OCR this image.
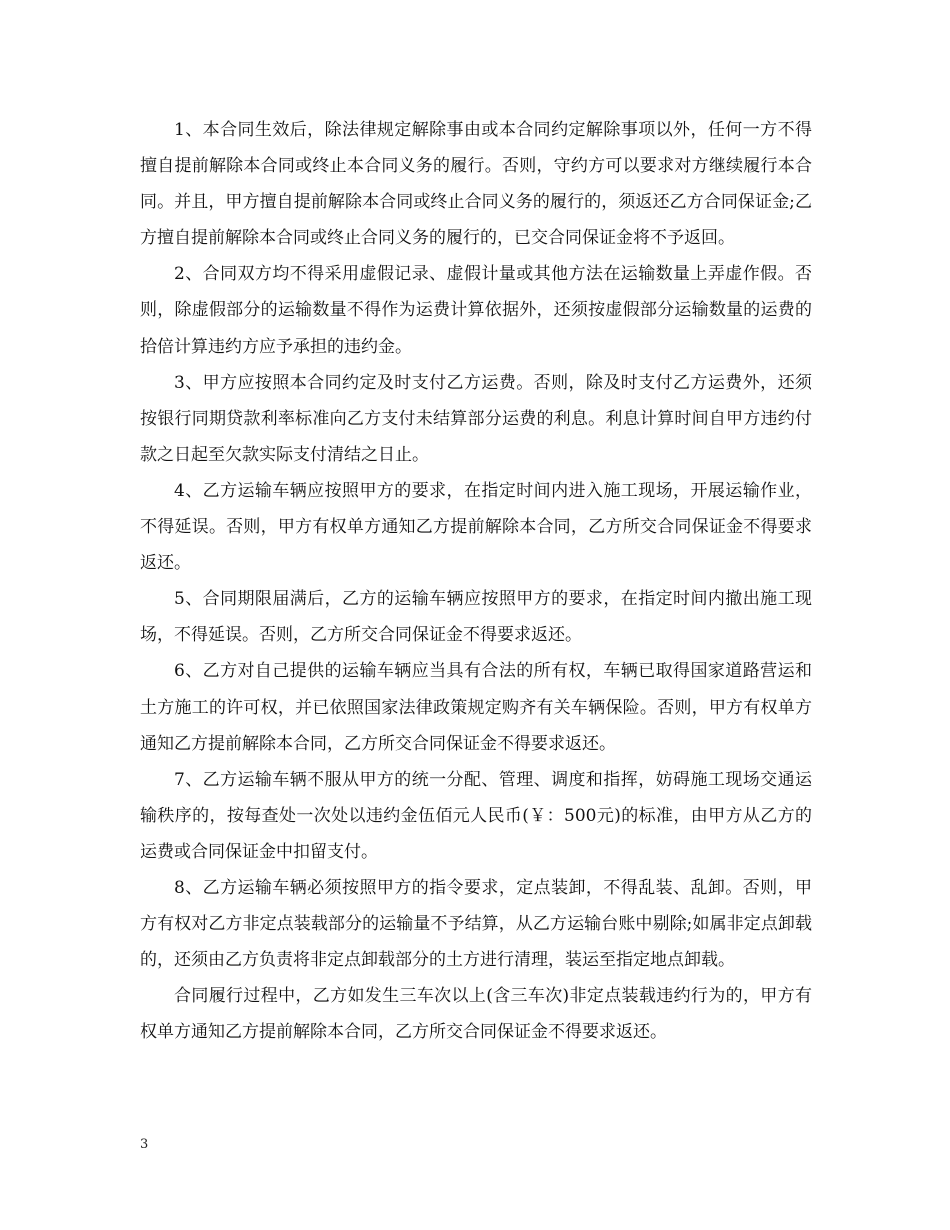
1、本合同生效后，除法律规定解除事由或本合同约定解除事项以外，任何一方不得擅自提前解除本合同或终止本合同义务的履行。否则，守约方可以要求对方继续履行本合同。并且，甲方擅自提前解除本合同或终止合同义务的履行的，须返还乙方合同保证金;乙方擅自提前解除本合同或终止合同义务的履行的，已交合同保证金将不予返回。

2、合同双方均不得采用虚假记录、虚假计量或其他方法在运输数量上弄虚作假。否则，除虚假部分的运输数量不得作为运费计算依据外，还须按虚假部分运输数量的运费的拾倍计算违约方应予承担的违约金。

3、甲方应按照本合同约定及时支付乙方运费。否则，除及时支付乙方运费外，还须按银行同期贷款利率标准向乙方支付未结算部分运费的利息。利息计算时间自甲方违约付款之日起至欠款实际支付清结之日止。

4、乙方运输车辆应按照甲方的要求，在指定时间内进入施工现场，开展运输作业，不得延误。否则，甲方有权单方通知乙方提前解除本合同，乙方所交合同保证金不得要求返还。

5、合同期限届满后，乙方的运输车辆应按照甲方的要求，在指定时间内撤出施工现场，不得延误。否则，乙方所交合同保证金不得要求返还。

6、乙方对自己提供的运输车辆应当具有合法的所有权，车辆已取得国家道路营运和土方施工的许可权，并已依照国家法律政策规定购齐有关车辆保险。否则，甲方有权单方通知乙方提前解除本合同，乙方所交合同保证金不得要求返还。

7、乙方运输车辆不服从甲方的统一分配、管理、调度和指挥，妨碍施工现场交通运输秩序的，按每查处一次处以违约金伍佰元人民币(￥：500元)的标准，由甲方从乙方的运费或合同保证金中扣留支付。

8、乙方运输车辆必须按照甲方的指令要求，定点装卸，不得乱装、乱卸。否则，甲方有权对乙方非定点装载部分的运输量不予结算，从乙方运输台账中剔除;如属非定点卸载的，还须由乙方负责将非定点卸载部分的土方进行清理，装运至指定地点卸载。

合同履行过程中，乙方如发生三车次以上(含三车次)非定点装载违约行为的，甲方有权单方通知乙方提前解除本合同，乙方所交合同保证金不得要求返还。

3
